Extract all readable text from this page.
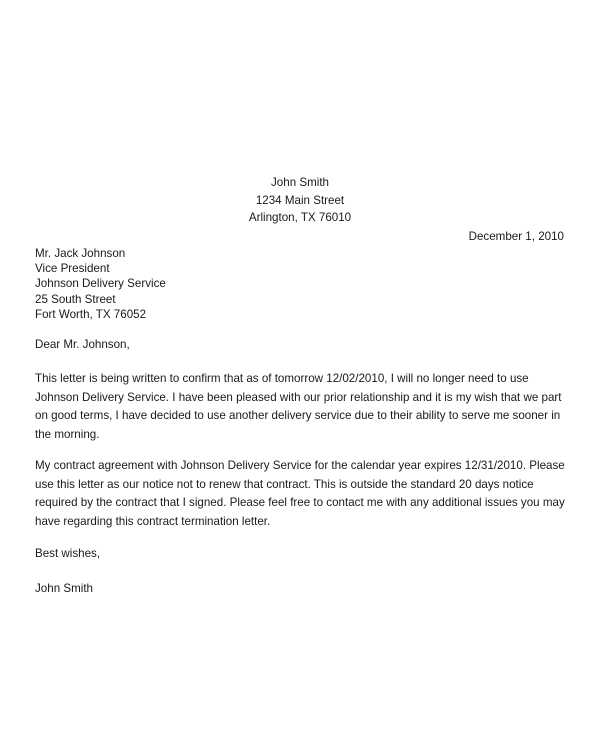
John Smith
1234 Main Street
Arlington, TX 76010
December 1, 2010
Mr. Jack Johnson
Vice President
Johnson Delivery Service
25 South Street
Fort Worth, TX 76052
Dear Mr. Johnson,
This letter is being written to confirm that as of tomorrow 12/02/2010, I will no longer need to use
Johnson Delivery Service. I have been pleased with our prior relationship and it is my wish that we part
on good terms, I have decided to use another delivery service due to their ability to serve me sooner in
the morning.
My contract agreement with Johnson Delivery Service for the calendar year expires 12/31/2010. Please
use this letter as our notice not to renew that contract. This is outside the standard 20 days notice
required by the contract that I signed. Please feel free to contact me with any additional issues you may
have regarding this contract termination letter.
Best wishes,
John Smith
